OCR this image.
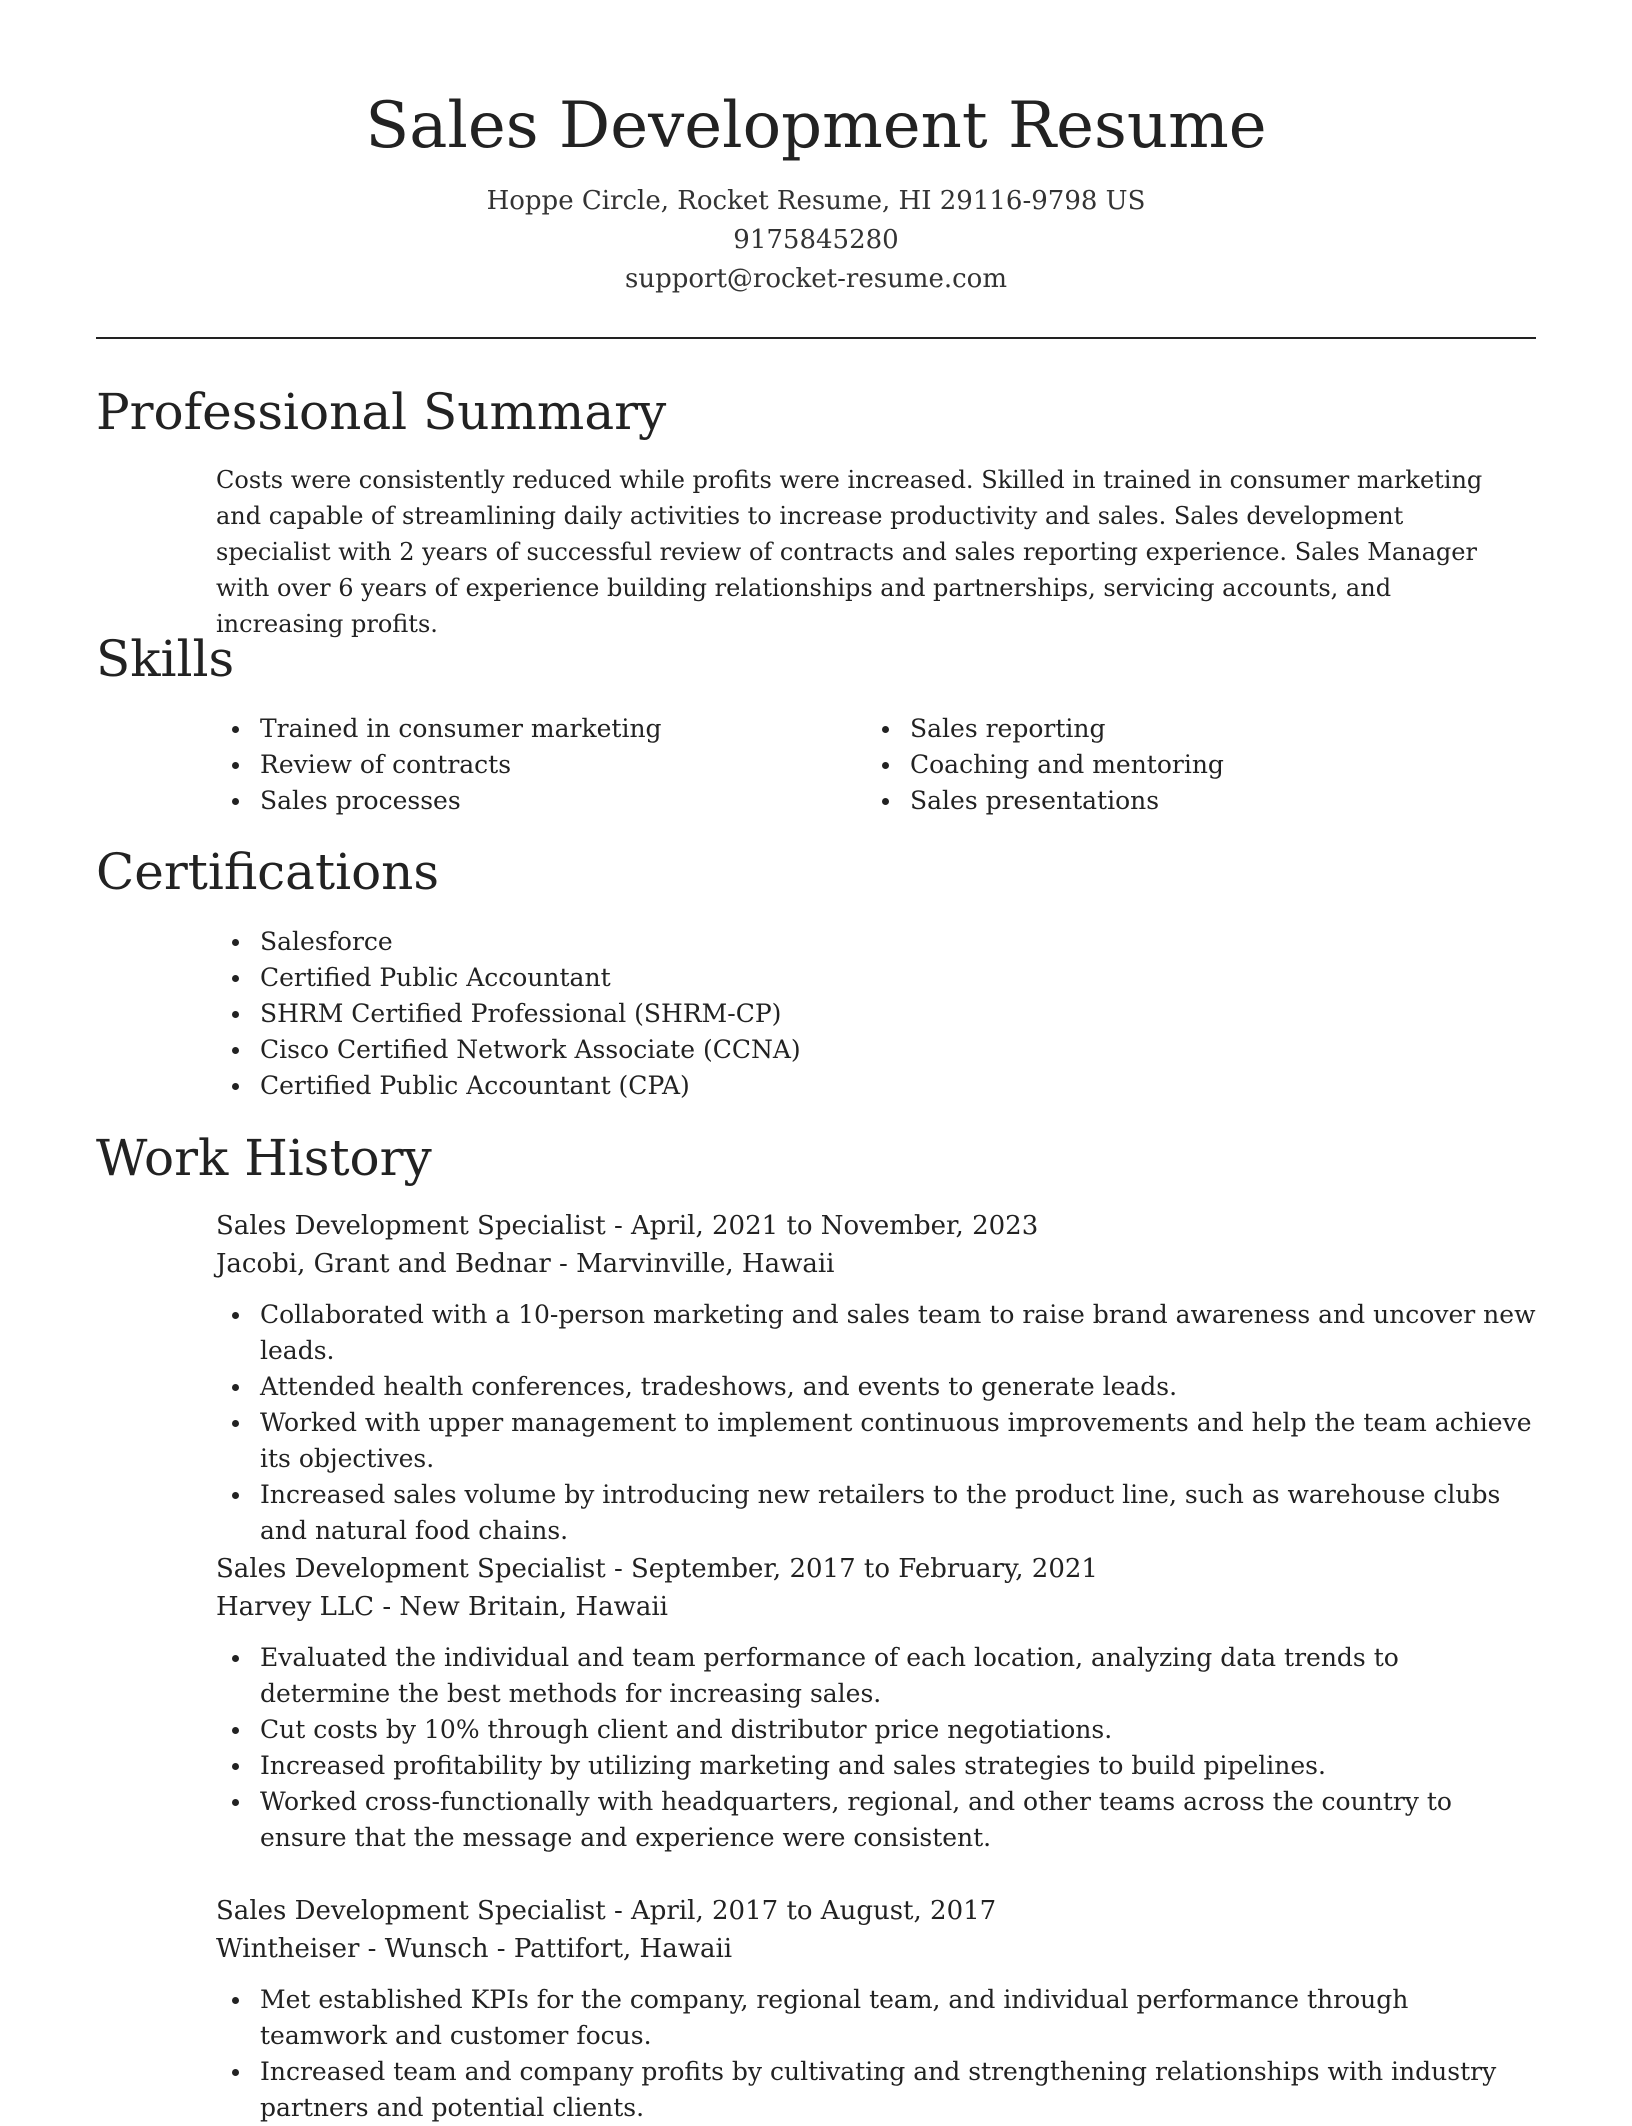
Sales Development Resume
Hoppe Circle, Rocket Resume, HI 29116-9798 US
9175845280
support@rocket-resume.com
Professional Summary

Costs were consistently reduced while profits were increased. Skilled in trained in consumer marketing and capable of streamlining daily activities to increase productivity and sales. Sales development specialist with 2 years of successful review of contracts and sales reporting experience. Sales Manager with over 6 years of experience building relationships and partnerships, servicing accounts, and increasing profits.

Skills
Trained in consumer marketing
Review of contracts
Sales processes
Sales reporting
Coaching and mentoring
Sales presentations
Certifications
Salesforce
Certified Public Accountant
SHRM Certified Professional (SHRM-CP)
Cisco Certified Network Associate (CCNA)
Certified Public Accountant (CPA)
Work History
Sales Development Specialist - April, 2021 to November, 2023
Jacobi, Grant and Bednar - Marvinville, Hawaii
Collaborated with a 10-person marketing and sales team to raise brand awareness and uncover new leads.
Attended health conferences, tradeshows, and events to generate leads.
Worked with upper management to implement continuous improvements and help the team achieve its objectives.
Increased sales volume by introducing new retailers to the product line, such as warehouse clubs and natural food chains.
Sales Development Specialist - September, 2017 to February, 2021
Harvey LLC - New Britain, Hawaii
Evaluated the individual and team performance of each location, analyzing data trends to determine the best methods for increasing sales.
Cut costs by 10% through client and distributor price negotiations.
Increased profitability by utilizing marketing and sales strategies to build pipelines.
Worked cross-functionally with headquarters, regional, and other teams across the country to ensure that the message and experience were consistent.
Sales Development Specialist - April, 2017 to August, 2017
Wintheiser - Wunsch - Pattifort, Hawaii
Met established KPIs for the company, regional team, and individual performance through teamwork and customer focus.
Increased team and company profits by cultivating and strengthening relationships with industry partners and potential clients.
